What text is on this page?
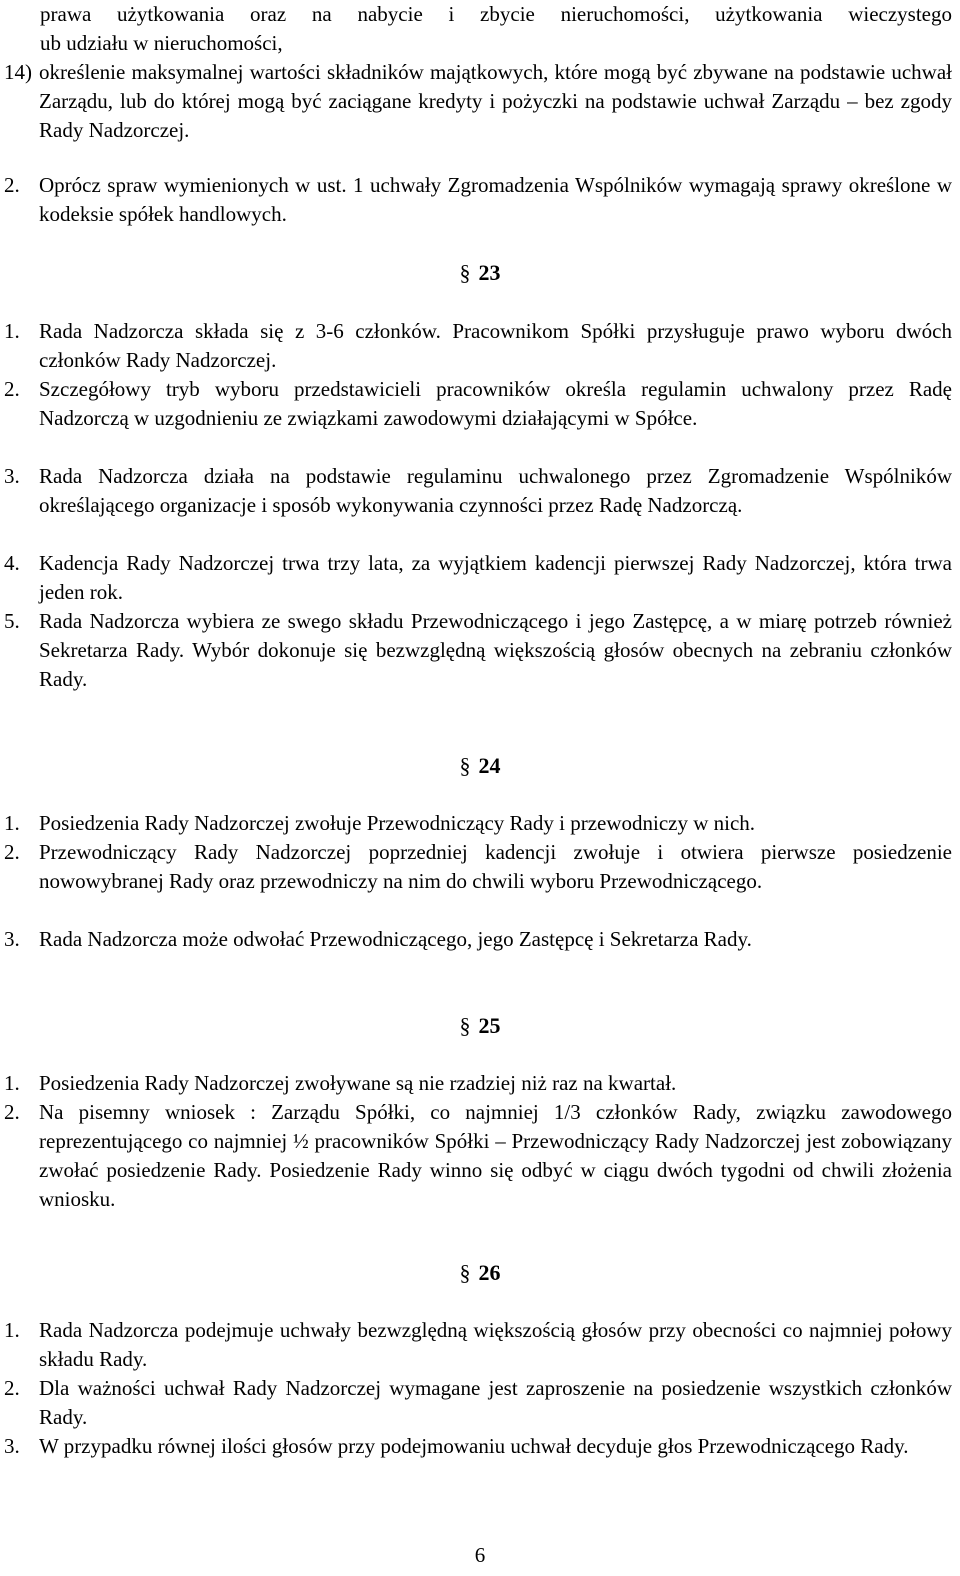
prawa użytkowania oraz na nabycie i zbycie nieruchomości, użytkowania wieczystego
ub udziału w nieruchomości,
14) określenie maksymalnej wartości składników majątkowych, które mogą być zbywane na podstawie uchwał Zarządu, lub do której mogą być zaciągane kredyty i pożyczki na podstawie uchwał Zarządu – bez zgody Rady Nadzorczej.
2. Oprócz spraw wymienionych w ust. 1 uchwały Zgromadzenia Wspólników wymagają sprawy określone w kodeksie spółek handlowych.
§ 23
1. Rada Nadzorcza składa się z 3-6 członków. Pracownikom Spółki przysługuje prawo wyboru dwóch członków Rady Nadzorczej.
2. Szczegółowy tryb wyboru przedstawicieli pracowników określa regulamin uchwalony przez Radę Nadzorczą w uzgodnieniu ze związkami zawodowymi działającymi w Spółce.
3. Rada Nadzorcza działa na podstawie regulaminu uchwalonego przez Zgromadzenie Wspólników określającego organizacje i sposób wykonywania czynności przez Radę Nadzorczą.
4. Kadencja Rady Nadzorczej trwa trzy lata, za wyjątkiem kadencji pierwszej Rady Nadzorczej, która trwa jeden rok.
5. Rada Nadzorcza wybiera ze swego składu Przewodniczącego i jego Zastępcę, a w miarę potrzeb również Sekretarza Rady. Wybór dokonuje się bezwzględną większością głosów obecnych na zebraniu członków Rady.
§ 24
1. Posiedzenia Rady Nadzorczej zwołuje Przewodniczący Rady i przewodniczy w nich.
2. Przewodniczący Rady Nadzorczej poprzedniej kadencji zwołuje i otwiera pierwsze posiedzenie nowowybranej Rady oraz przewodniczy na nim do chwili wyboru Przewodniczącego.
3. Rada Nadzorcza może odwołać Przewodniczącego, jego Zastępcę i Sekretarza Rady.
§ 25
1. Posiedzenia Rady Nadzorczej zwoływane są nie rzadziej niż raz na kwartał.
2. Na pisemny wniosek : Zarządu Spółki, co najmniej 1/3 członków Rady, związku zawodowego reprezentującego co najmniej ½ pracowników Spółki – Przewodniczący Rady Nadzorczej jest zobowiązany zwołać posiedzenie Rady. Posiedzenie Rady winno się odbyć w ciągu dwóch tygodni od chwili złożenia wniosku.
§ 26
1. Rada Nadzorcza podejmuje uchwały bezwzględną większością głosów przy obecności co najmniej połowy składu Rady.
2. Dla ważności uchwał Rady Nadzorczej wymagane jest zaproszenie na posiedzenie wszystkich członków Rady.
3. W przypadku równej ilości głosów przy podejmowaniu uchwał decyduje głos Przewodniczącego Rady.
6
